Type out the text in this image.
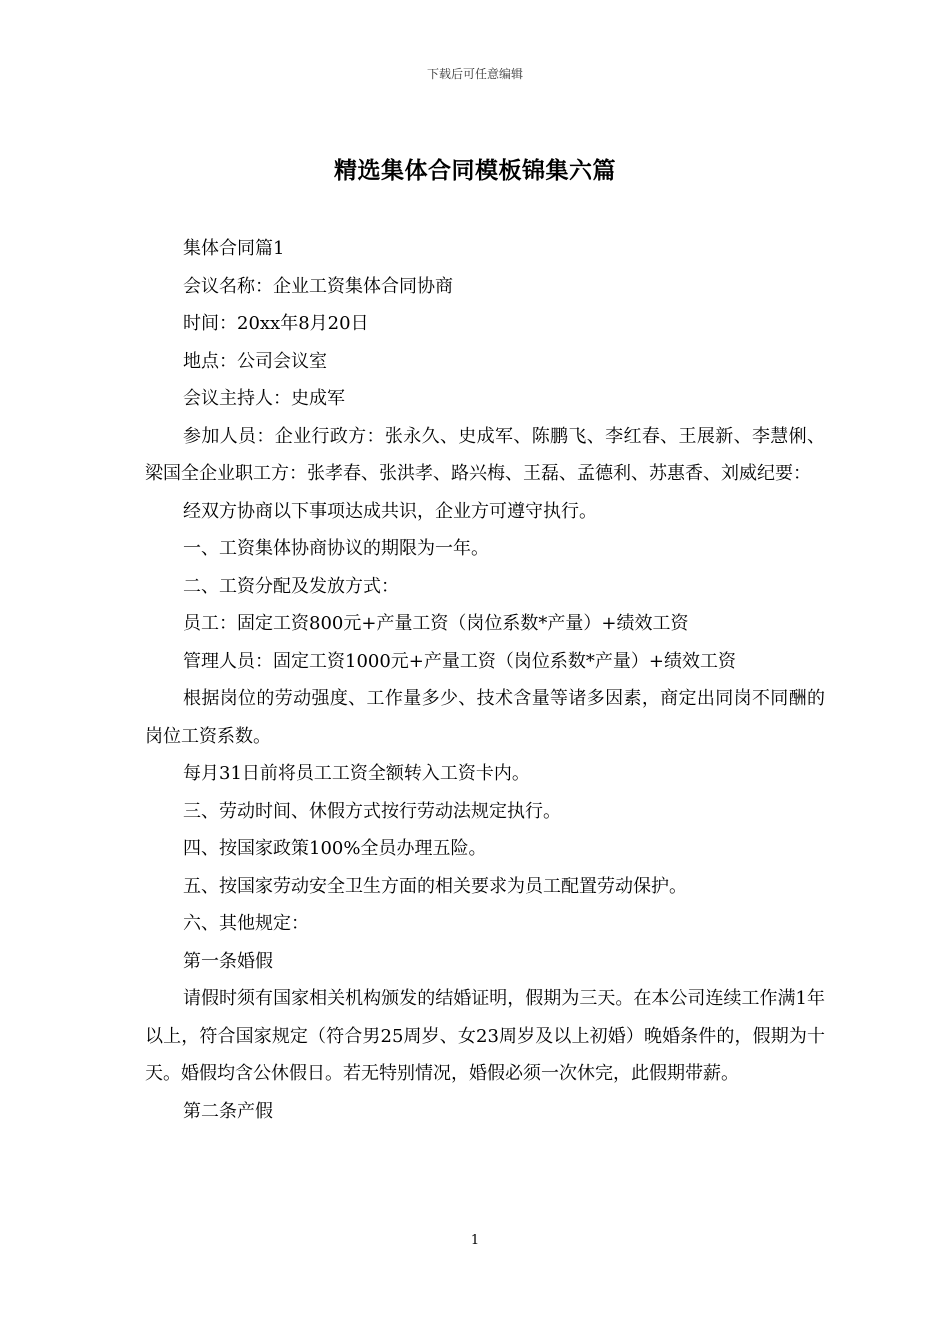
下载后可任意编辑
精选集体合同模板锦集六篇

集体合同篇1

会议名称：企业工资集体合同协商

时间：20xx年8月20日

地点：公司会议室

会议主持人：史成军

参加人员：企业行政方：张永久、史成军、陈鹏飞、李红春、王展新、李慧俐、梁国全企业职工方：张孝春、张洪孝、路兴梅、王磊、孟德利、苏惠香、刘威纪要：

经双方协商以下事项达成共识，企业方可遵守执行。

一、工资集体协商协议的期限为一年。

二、工资分配及发放方式：

员工：固定工资800元+产量工资（岗位系数*产量）+绩效工资

管理人员：固定工资1000元+产量工资（岗位系数*产量）+绩效工资

根据岗位的劳动强度、工作量多少、技术含量等诸多因素，商定出同岗不同酬的岗位工资系数。

每月31日前将员工工资全额转入工资卡内。

三、劳动时间、休假方式按行劳动法规定执行。

四、按国家政策100%全员办理五险。

五、按国家劳动安全卫生方面的相关要求为员工配置劳动保护。

六、其他规定：

第一条婚假

请假时须有国家相关机构颁发的结婚证明，假期为三天。在本公司连续工作满1年以上，符合国家规定（符合男25周岁、女23周岁及以上初婚）晚婚条件的，假期为十天。婚假均含公休假日。若无特别情况，婚假必须一次休完，此假期带薪。

第二条产假

1
